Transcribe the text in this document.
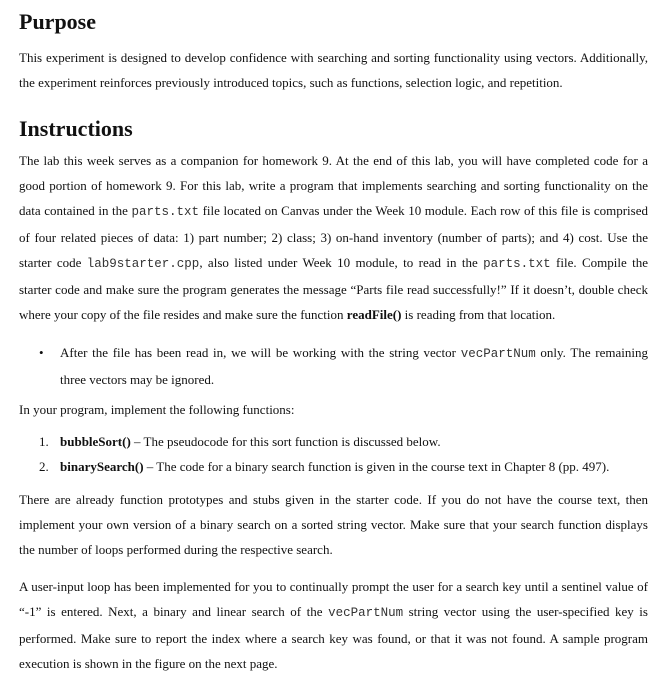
Purpose

This experiment is designed to develop confidence with searching and sorting functionality using vectors. Additionally, the experiment reinforces previously introduced topics, such as functions, selection logic, and repetition.

Instructions

The lab this week serves as a companion for homework 9. At the end of this lab, you will have completed code for a good portion of homework 9. For this lab, write a program that implements searching and sorting functionality on the data contained in the parts.txt file located on Canvas under the Week 10 module. Each row of this file is comprised of four related pieces of data: 1) part number; 2) class; 3) on-hand inventory (number of parts); and 4) cost. Use the starter code lab9starter.cpp, also listed under Week 10 module, to read in the parts.txt file. Compile the starter code and make sure the program generates the message “Parts file read successfully!” If it doesn’t, double check where your copy of the file resides and make sure the function readFile() is reading from that location.

•	After the file has been read in, we will be working with the string vector vecPartNum only. The remaining three vectors may be ignored.

In your program, implement the following functions:

1. bubbleSort() – The pseudocode for this sort function is discussed below.
2. binarySearch() – The code for a binary search function is given in the course text in Chapter 8 (pp. 497).

There are already function prototypes and stubs given in the starter code. If you do not have the course text, then implement your own version of a binary search on a sorted string vector. Make sure that your search function displays the number of loops performed during the respective search.

A user-input loop has been implemented for you to continually prompt the user for a search key until a sentinel value of “-1” is entered. Next, a binary and linear search of the vecPartNum string vector using the user-specified key is performed. Make sure to report the index where a search key was found, or that it was not found. A sample program execution is shown in the figure on the next page.
